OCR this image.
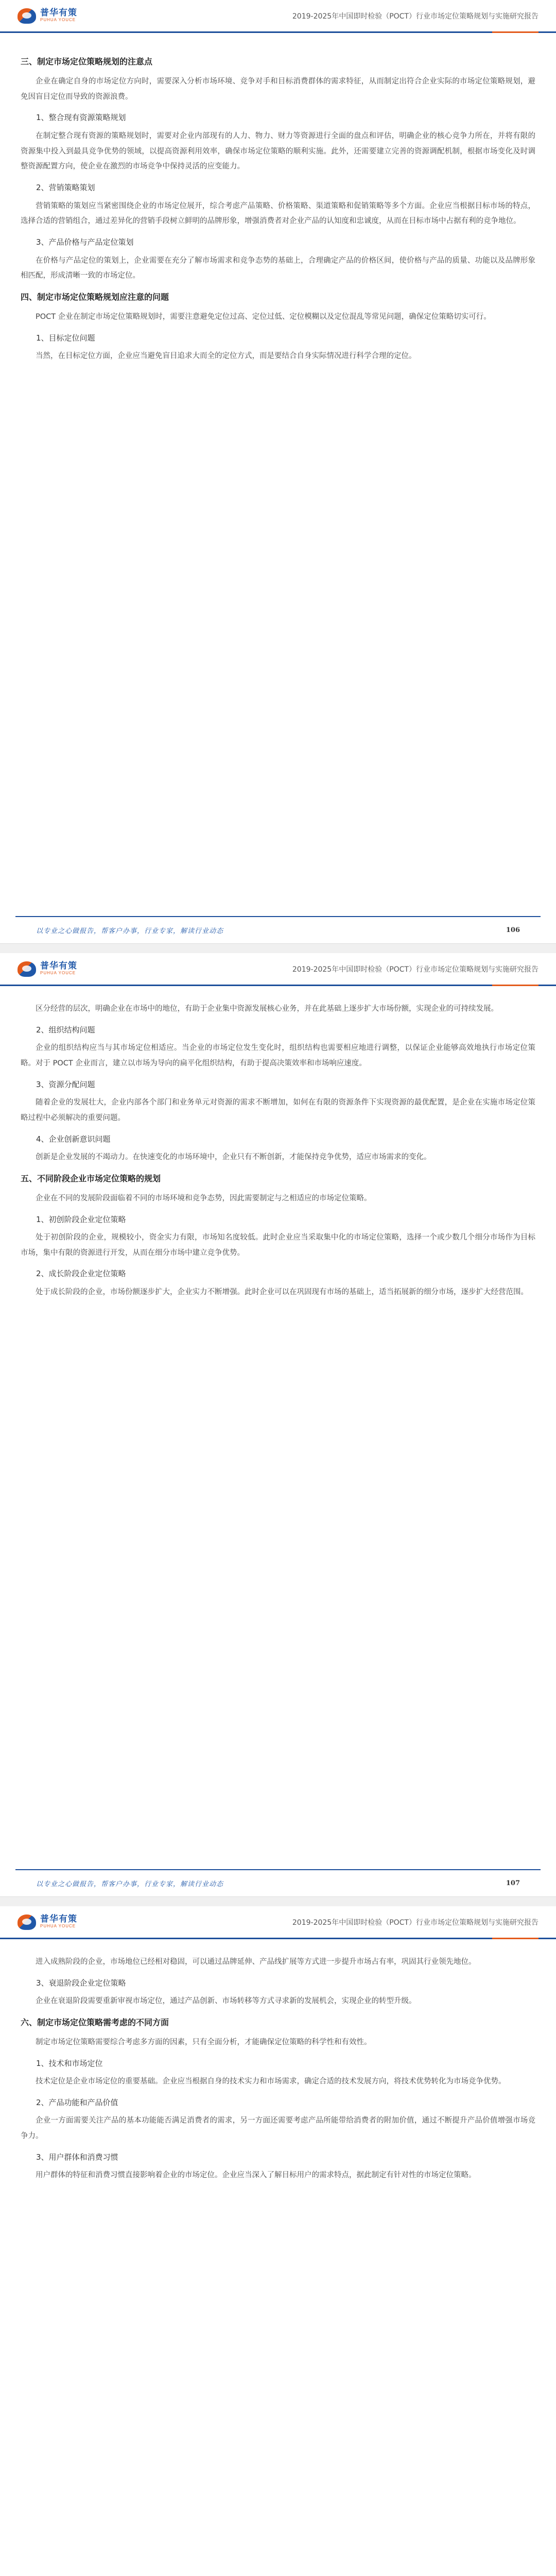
普华有策
PUHUA YOUCE	2019-2025年中国即时检验（POCT）行业市场定位策略规划与实施研究报告
三、制定市场定位策略规划的注意点

企业在确定自身的市场定位方向时，需要深入分析市场环境、竞争对手和目标消费群体的需求特征，从而制定出符合企业实际的市场定位策略规划，避免因盲目定位而导致的资源浪费。

1、整合现有资源策略规划

在制定整合现有资源的策略规划时，需要对企业内部现有的人力、物力、财力等资源进行全面的盘点和评估，明确企业的核心竞争力所在，并将有限的资源集中投入到最具竞争优势的领域，以提高资源利用效率，确保市场定位策略的顺利实施。此外，还需要建立完善的资源调配机制，根据市场变化及时调整资源配置方向，使企业在激烈的市场竞争中保持灵活的应变能力。

2、营销策略策划

营销策略的策划应当紧密围绕企业的市场定位展开，综合考虑产品策略、价格策略、渠道策略和促销策略等多个方面。企业应当根据目标市场的特点，选择合适的营销组合，通过差异化的营销手段树立鲜明的品牌形象，增强消费者对企业产品的认知度和忠诚度，从而在目标市场中占据有利的竞争地位。

3、产品价格与产品定位策划

在价格与产品定位的策划上，企业需要在充分了解市场需求和竞争态势的基础上，合理确定产品的价格区间，使价格与产品的质量、功能以及品牌形象相匹配，形成清晰一致的市场定位。

四、制定市场定位策略规划应注意的问题

POCT 企业在制定市场定位策略规划时，需要注意避免定位过高、定位过低、定位模糊以及定位混乱等常见问题，确保定位策略切实可行。

1、目标定位问题

当然，在目标定位方面，企业应当避免盲目追求大而全的定位方式，而是要结合自身实际情况进行科学合理的定位。

以专业之心做报告，帮客户办事，行业专家，解读行业动态	106
普华有策
PUHUA YOUCE	2019-2025年中国即时检验（POCT）行业市场定位策略规划与实施研究报告

区分经营的层次，明确企业在市场中的地位，有助于企业集中资源发展核心业务，并在此基础上逐步扩大市场份额，实现企业的可持续发展。

2、组织结构问题

企业的组织结构应当与其市场定位相适应。当企业的市场定位发生变化时，组织结构也需要相应地进行调整，以保证企业能够高效地执行市场定位策略。对于 POCT 企业而言，建立以市场为导向的扁平化组织结构，有助于提高决策效率和市场响应速度。

3、资源分配问题

随着企业的发展壮大，企业内部各个部门和业务单元对资源的需求不断增加，如何在有限的资源条件下实现资源的最优配置，是企业在实施市场定位策略过程中必须解决的重要问题。

4、企业创新意识问题

创新是企业发展的不竭动力。在快速变化的市场环境中，企业只有不断创新，才能保持竞争优势，适应市场需求的变化。

五、不同阶段企业市场定位策略的规划

企业在不同的发展阶段面临着不同的市场环境和竞争态势，因此需要制定与之相适应的市场定位策略。

1、初创阶段企业定位策略

处于初创阶段的企业，规模较小，资金实力有限，市场知名度较低。此时企业应当采取集中化的市场定位策略，选择一个或少数几个细分市场作为目标市场，集中有限的资源进行开发，从而在细分市场中建立竞争优势。

2、成长阶段企业定位策略

处于成长阶段的企业，市场份额逐步扩大，企业实力不断增强。此时企业可以在巩固现有市场的基础上，适当拓展新的细分市场，逐步扩大经营范围。

以专业之心做报告，帮客户办事，行业专家，解读行业动态	107
普华有策
PUHUA YOUCE	2019-2025年中国即时检验（POCT）行业市场定位策略规划与实施研究报告

进入成熟阶段的企业，市场地位已经相对稳固，可以通过品牌延伸、产品线扩展等方式进一步提升市场占有率，巩固其行业领先地位。

3、衰退阶段企业定位策略

企业在衰退阶段需要重新审视市场定位，通过产品创新、市场转移等方式寻求新的发展机会，实现企业的转型升级。

六、制定市场定位策略需考虑的不同方面

制定市场定位策略需要综合考虑多方面的因素，只有全面分析，才能确保定位策略的科学性和有效性。

1、技术和市场定位

技术定位是企业市场定位的重要基础。企业应当根据自身的技术实力和市场需求，确定合适的技术发展方向，将技术优势转化为市场竞争优势。

2、产品功能和产品价值

企业一方面需要关注产品的基本功能能否满足消费者的需求，另一方面还需要考虑产品所能带给消费者的附加价值，通过不断提升产品价值增强市场竞争力。

3、用户群体和消费习惯

用户群体的特征和消费习惯直接影响着企业的市场定位。企业应当深入了解目标用户的需求特点，据此制定有针对性的市场定位策略。
